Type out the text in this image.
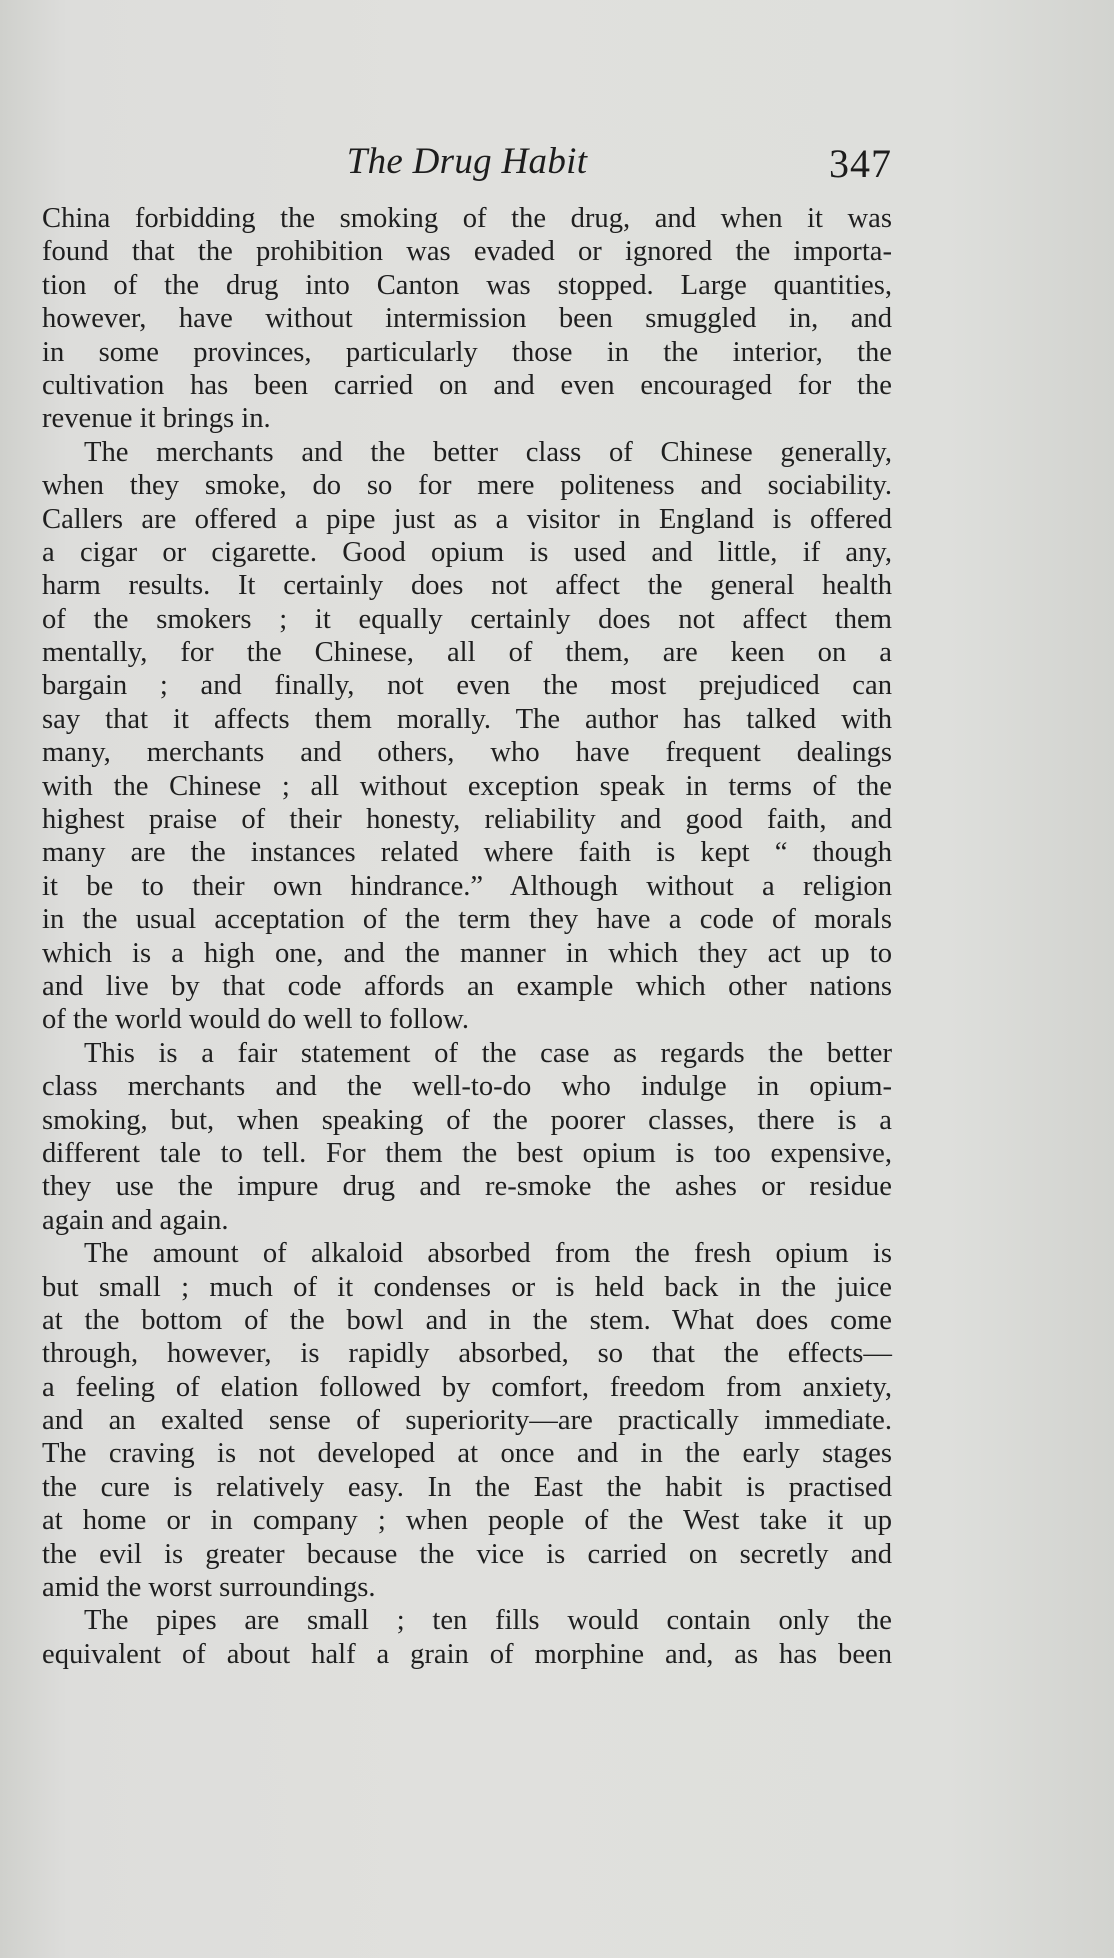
The Drug Habit	347
China forbidding the smoking of the drug, and when it was
found that the prohibition was evaded or ignored the importa-
tion of the drug into Canton was stopped. Large quantities,
however, have without intermission been smuggled in, and
in some provinces, particularly those in the interior, the
cultivation has been carried on and even encouraged for the
revenue it brings in.
The merchants and the better class of Chinese generally,
when they smoke, do so for mere politeness and sociability.
Callers are offered a pipe just as a visitor in England is offered
a cigar or cigarette. Good opium is used and little, if any,
harm results. It certainly does not affect the general health
of the smokers ; it equally certainly does not affect them
mentally, for the Chinese, all of them, are keen on a
bargain ; and finally, not even the most prejudiced can
say that it affects them morally. The author has talked with
many, merchants and others, who have frequent dealings
with the Chinese ; all without exception speak in terms of the
highest praise of their honesty, reliability and good faith, and
many are the instances related where faith is kept “ though
it be to their own hindrance.” Although without a religion
in the usual acceptation of the term they have a code of morals
which is a high one, and the manner in which they act up to
and live by that code affords an example which other nations
of the world would do well to follow.
This is a fair statement of the case as regards the better
class merchants and the well-to-do who indulge in opium-
smoking, but, when speaking of the poorer classes, there is a
different tale to tell. For them the best opium is too expensive,
they use the impure drug and re-smoke the ashes or residue
again and again.
The amount of alkaloid absorbed from the fresh opium is
but small ; much of it condenses or is held back in the juice
at the bottom of the bowl and in the stem. What does come
through, however, is rapidly absorbed, so that the effects—
a feeling of elation followed by comfort, freedom from anxiety,
and an exalted sense of superiority—are practically immediate.
The craving is not developed at once and in the early stages
the cure is relatively easy. In the East the habit is practised
at home or in company ; when people of the West take it up
the evil is greater because the vice is carried on secretly and
amid the worst surroundings.
The pipes are small ; ten fills would contain only the
equivalent of about half a grain of morphine and, as has been
